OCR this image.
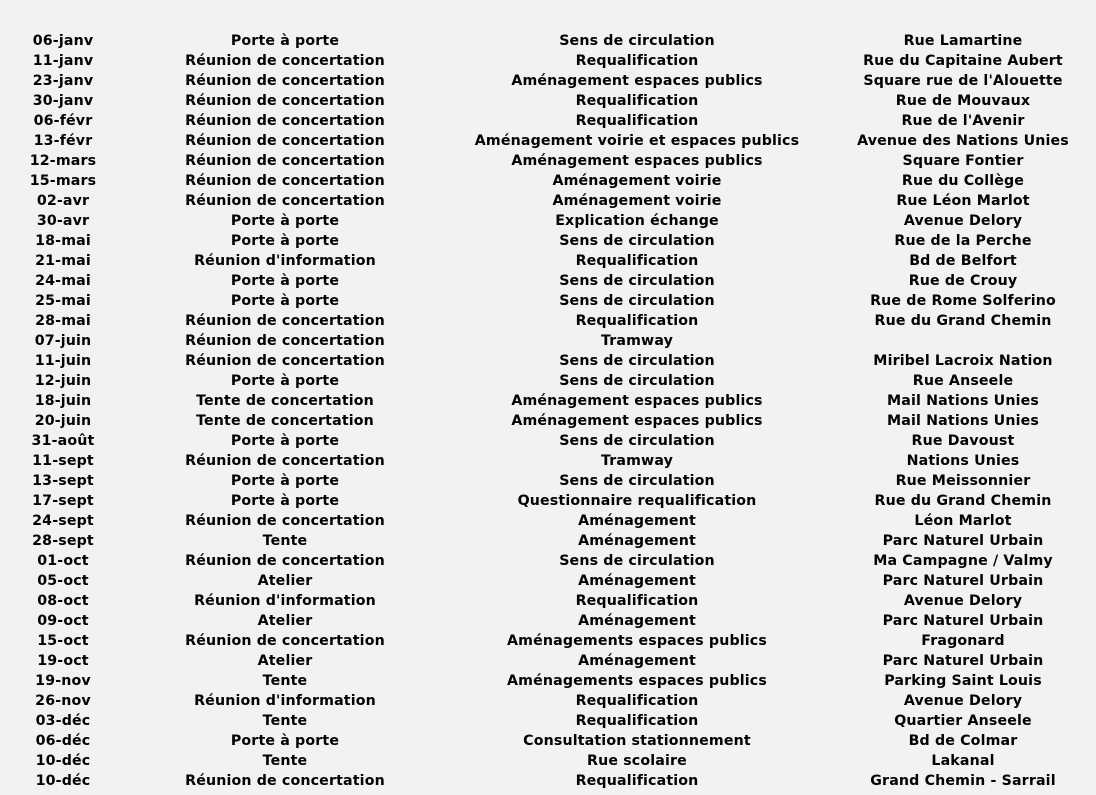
06-janv	Porte à porte	Sens de circulation	Rue Lamartine
11-janv	Réunion de concertation	Requalification	Rue du Capitaine Aubert
23-janv	Réunion de concertation	Aménagement espaces publics	Square rue de l'Alouette
30-janv	Réunion de concertation	Requalification	Rue de Mouvaux
06-févr	Réunion de concertation	Requalification	Rue de l'Avenir
13-févr	Réunion de concertation	Aménagement voirie et espaces publics	Avenue des Nations Unies
12-mars	Réunion de concertation	Aménagement espaces publics	Square Fontier
15-mars	Réunion de concertation	Aménagement voirie	Rue du Collège
02-avr	Réunion de concertation	Aménagement voirie	Rue Léon Marlot
30-avr	Porte à porte	Explication échange	Avenue Delory
18-mai	Porte à porte	Sens de circulation	Rue de la Perche
21-mai	Réunion d'information	Requalification	Bd de Belfort
24-mai	Porte à porte	Sens de circulation	Rue de Crouy
25-mai	Porte à porte	Sens de circulation	Rue de Rome Solferino
28-mai	Réunion de concertation	Requalification	Rue du Grand Chemin
07-juin	Réunion de concertation	Tramway	
11-juin	Réunion de concertation	Sens de circulation	Miribel Lacroix Nation
12-juin	Porte à porte	Sens de circulation	Rue Anseele
18-juin	Tente de concertation	Aménagement espaces publics	Mail Nations Unies
20-juin	Tente de concertation	Aménagement espaces publics	Mail Nations Unies
31-août	Porte à porte	Sens de circulation	Rue Davoust
11-sept	Réunion de concertation	Tramway	Nations Unies
13-sept	Porte à porte	Sens de circulation	Rue Meissonnier
17-sept	Porte à porte	Questionnaire requalification	Rue du Grand Chemin
24-sept	Réunion de concertation	Aménagement	Léon Marlot
28-sept	Tente	Aménagement	Parc Naturel Urbain
01-oct	Réunion de concertation	Sens de circulation	Ma Campagne / Valmy
05-oct	Atelier	Aménagement	Parc Naturel Urbain
08-oct	Réunion d'information	Requalification	Avenue Delory
09-oct	Atelier	Aménagement	Parc Naturel Urbain
15-oct	Réunion de concertation	Aménagements espaces publics	Fragonard
19-oct	Atelier	Aménagement	Parc Naturel Urbain
19-nov	Tente	Aménagements espaces publics	Parking Saint Louis
26-nov	Réunion d'information	Requalification	Avenue Delory
03-déc	Tente	Requalification	Quartier Anseele
06-déc	Porte à porte	Consultation stationnement	Bd de Colmar
10-déc	Tente	Rue scolaire	Lakanal
10-déc	Réunion de concertation	Requalification	Grand Chemin - Sarrail
